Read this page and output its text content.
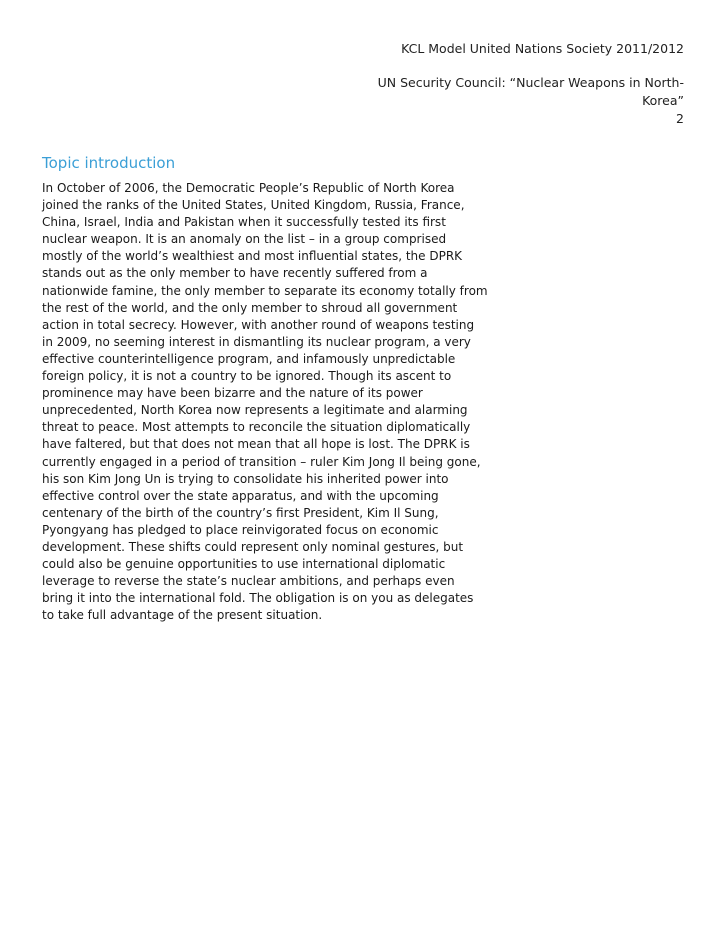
KCL Model United Nations Society 2011/2012
UN Security Council: “Nuclear Weapons in North-Korea”
2
Topic introduction

In October of 2006, the Democratic People’s Republic of North Korea joined the ranks of the United States, United Kingdom, Russia, France, China, Israel, India and Pakistan when it successfully tested its first nuclear weapon. It is an anomaly on the list – in a group comprised mostly of the world’s wealthiest and most influential states, the DPRK stands out as the only member to have recently suffered from a nationwide famine, the only member to separate its economy totally from the rest of the world, and the only member to shroud all government action in total secrecy. However, with another round of weapons testing in 2009, no seeming interest in dismantling its nuclear program, a very effective counterintelligence program, and infamously unpredictable foreign policy, it is not a country to be ignored. Though its ascent to prominence may have been bizarre and the nature of its power unprecedented, North Korea now represents a legitimate and alarming threat to peace. Most attempts to reconcile the situation diplomatically have faltered, but that does not mean that all hope is lost. The DPRK is currently engaged in a period of transition – ruler Kim Jong Il being gone, his son Kim Jong Un is trying to consolidate his inherited power into effective control over the state apparatus, and with the upcoming centenary of the birth of the country’s first President, Kim Il Sung, Pyongyang has pledged to place reinvigorated focus on economic development. These shifts could represent only nominal gestures, but could also be genuine opportunities to use international diplomatic leverage to reverse the state’s nuclear ambitions, and perhaps even bring it into the international fold. The obligation is on you as delegates to take full advantage of the present situation.
